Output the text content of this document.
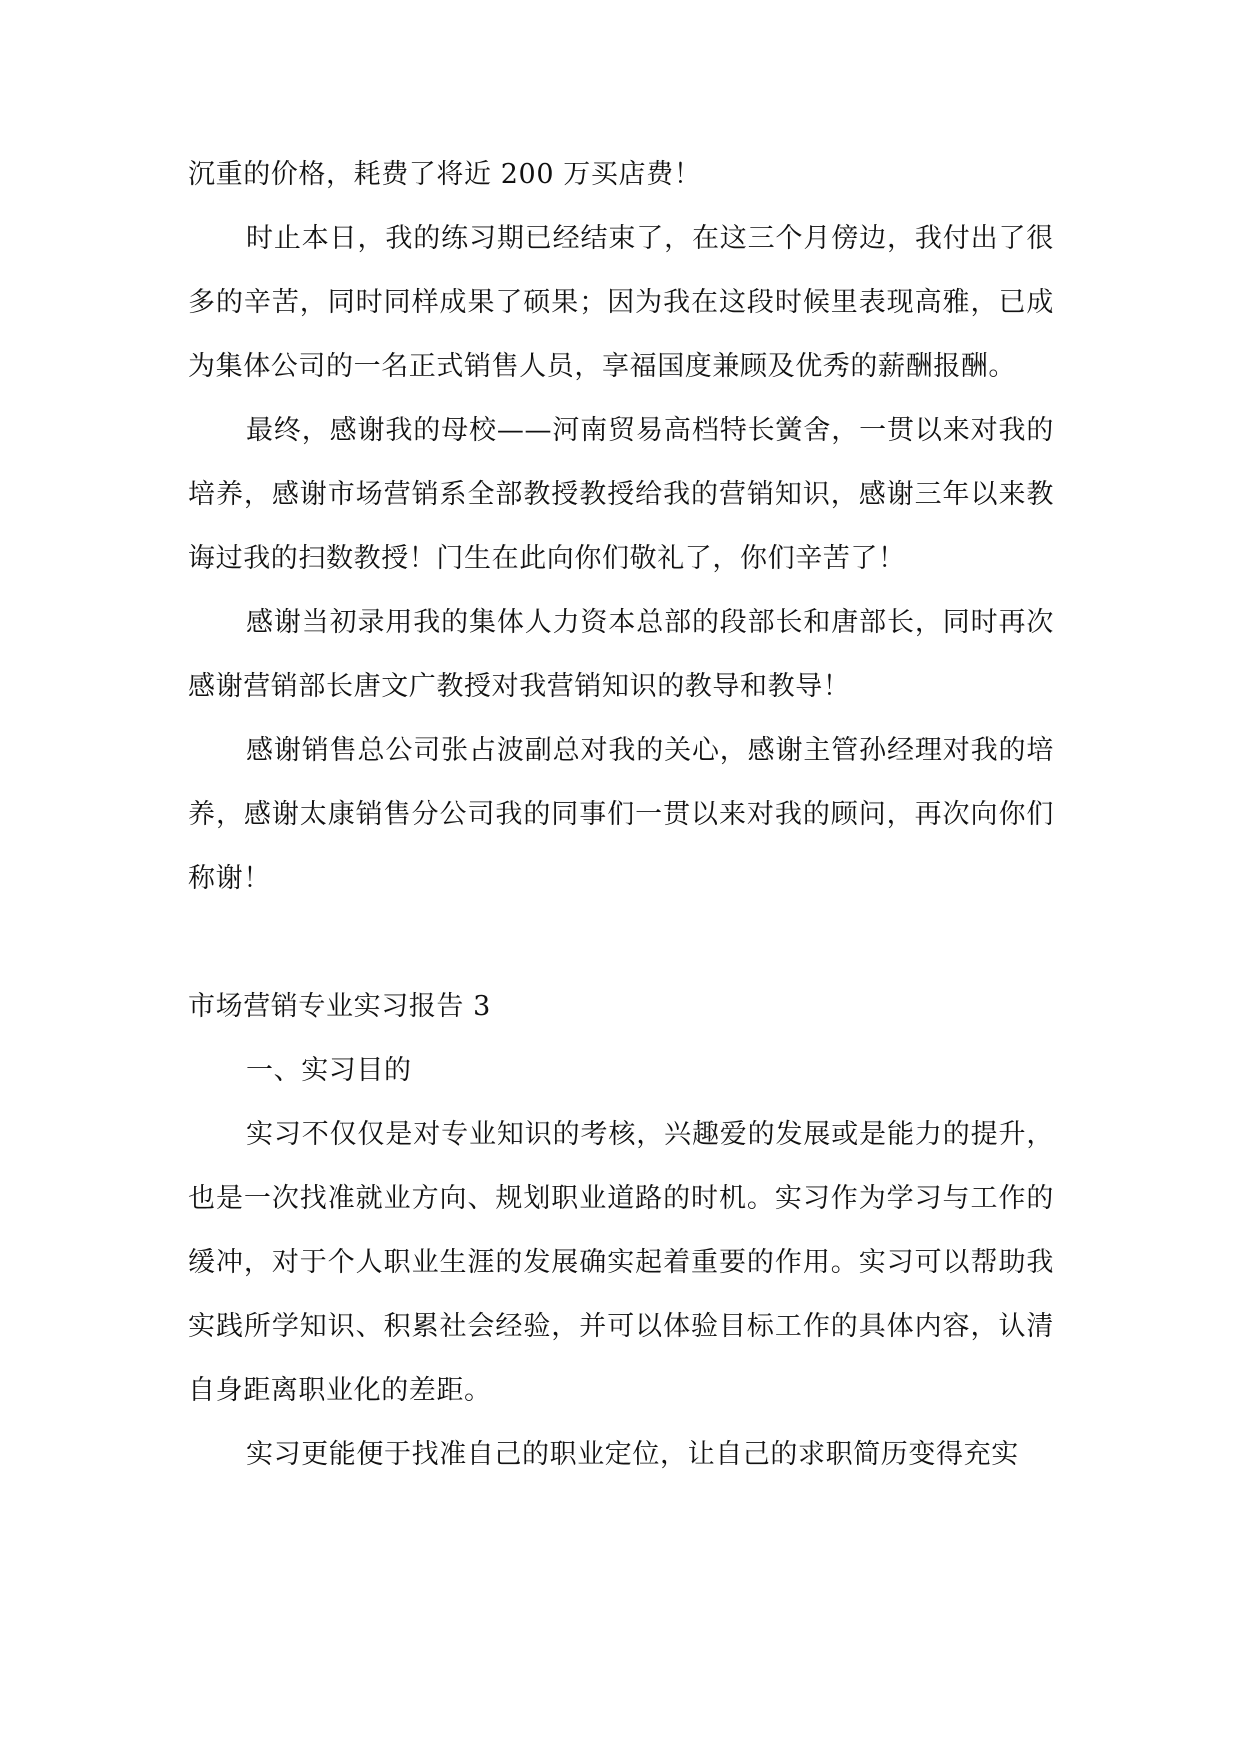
沉重的价格，耗费了将近 200 万买店费！

时止本日，我的练习期已经结束了，在这三个月傍边，我付出了很多的辛苦，同时同样成果了硕果；因为我在这段时候里表现高雅，已成为集体公司的一名正式销售人员，享福国度兼顾及优秀的薪酬报酬。

最终，感谢我的母校——河南贸易高档特长黉舍，一贯以来对我的培养，感谢市场营销系全部教授教授给我的营销知识，感谢三年以来教诲过我的扫数教授！门生在此向你们敬礼了，你们辛苦了！

感谢当初录用我的集体人力资本总部的段部长和唐部长，同时再次感谢营销部长唐文广教授对我营销知识的教导和教导！

感谢销售总公司张占波副总对我的关心，感谢主管孙经理对我的培养，感谢太康销售分公司我的同事们一贯以来对我的顾问，再次向你们称谢！

市场营销专业实习报告 3

一、实习目的

实习不仅仅是对专业知识的考核，兴趣爱的发展或是能力的提升，也是一次找准就业方向、规划职业道路的时机。实习作为学习与工作的缓冲，对于个人职业生涯的发展确实起着重要的作用。实习可以帮助我实践所学知识、积累社会经验，并可以体验目标工作的具体内容，认清自身距离职业化的差距。

实习更能便于找准自己的职业定位，让自己的求职简历变得充实
